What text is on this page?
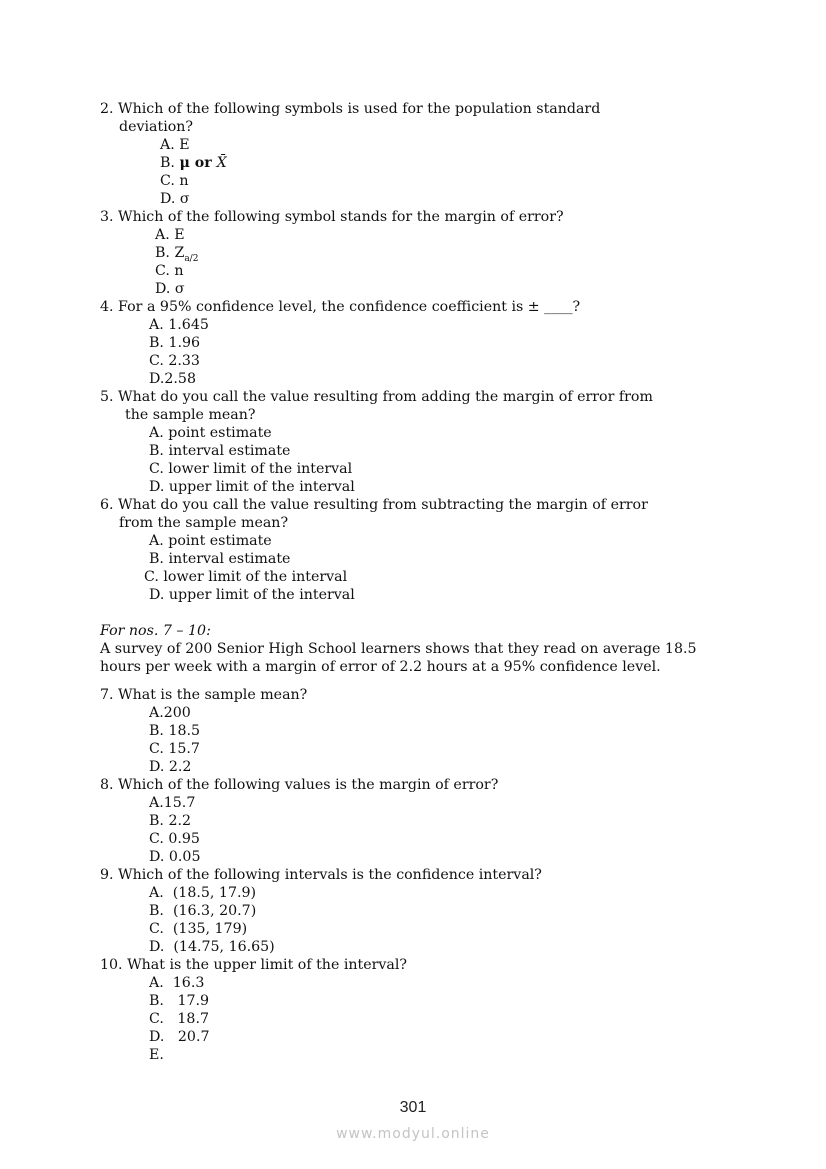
2. Which of the following symbols is used for the population standard
deviation?
A. E
B. μ or X̄
C. n
D. σ
3. Which of the following symbol stands for the margin of error?
A. E
B. $Z_{a/2}$
C. n
D. σ
4. For a 95% confidence level, the confidence coefficient is ± ____?
A. 1.645
B. 1.96
C. 2.33
D.2.58
5. What do you call the value resulting from adding the margin of error from
the sample mean?
A. point estimate
B. interval estimate
C. lower limit of the interval
D. upper limit of the interval
6. What do you call the value resulting from subtracting the margin of error
from the sample mean?
A. point estimate
B. interval estimate
C. lower limit of the interval
D. upper limit of the interval
For nos. 7 – 10:
A survey of 200 Senior High School learners shows that they read on average 18.5
hours per week with a margin of error of 2.2 hours at a 95% confidence level.
7. What is the sample mean?
A.200
B. 18.5
C. 15.7
D. 2.2
8. Which of the following values is the margin of error?
A.15.7
B. 2.2
C. 0.95
D. 0.05
9. Which of the following intervals is the confidence interval?
A.  (18.5, 17.9)
B.  (16.3, 20.7)
C.  (135, 179)
D.  (14.75, 16.65)
10. What is the upper limit of the interval?
A.  16.3
B.   17.9
C.   18.7
D.   20.7
E.
301
www.modyul.online
